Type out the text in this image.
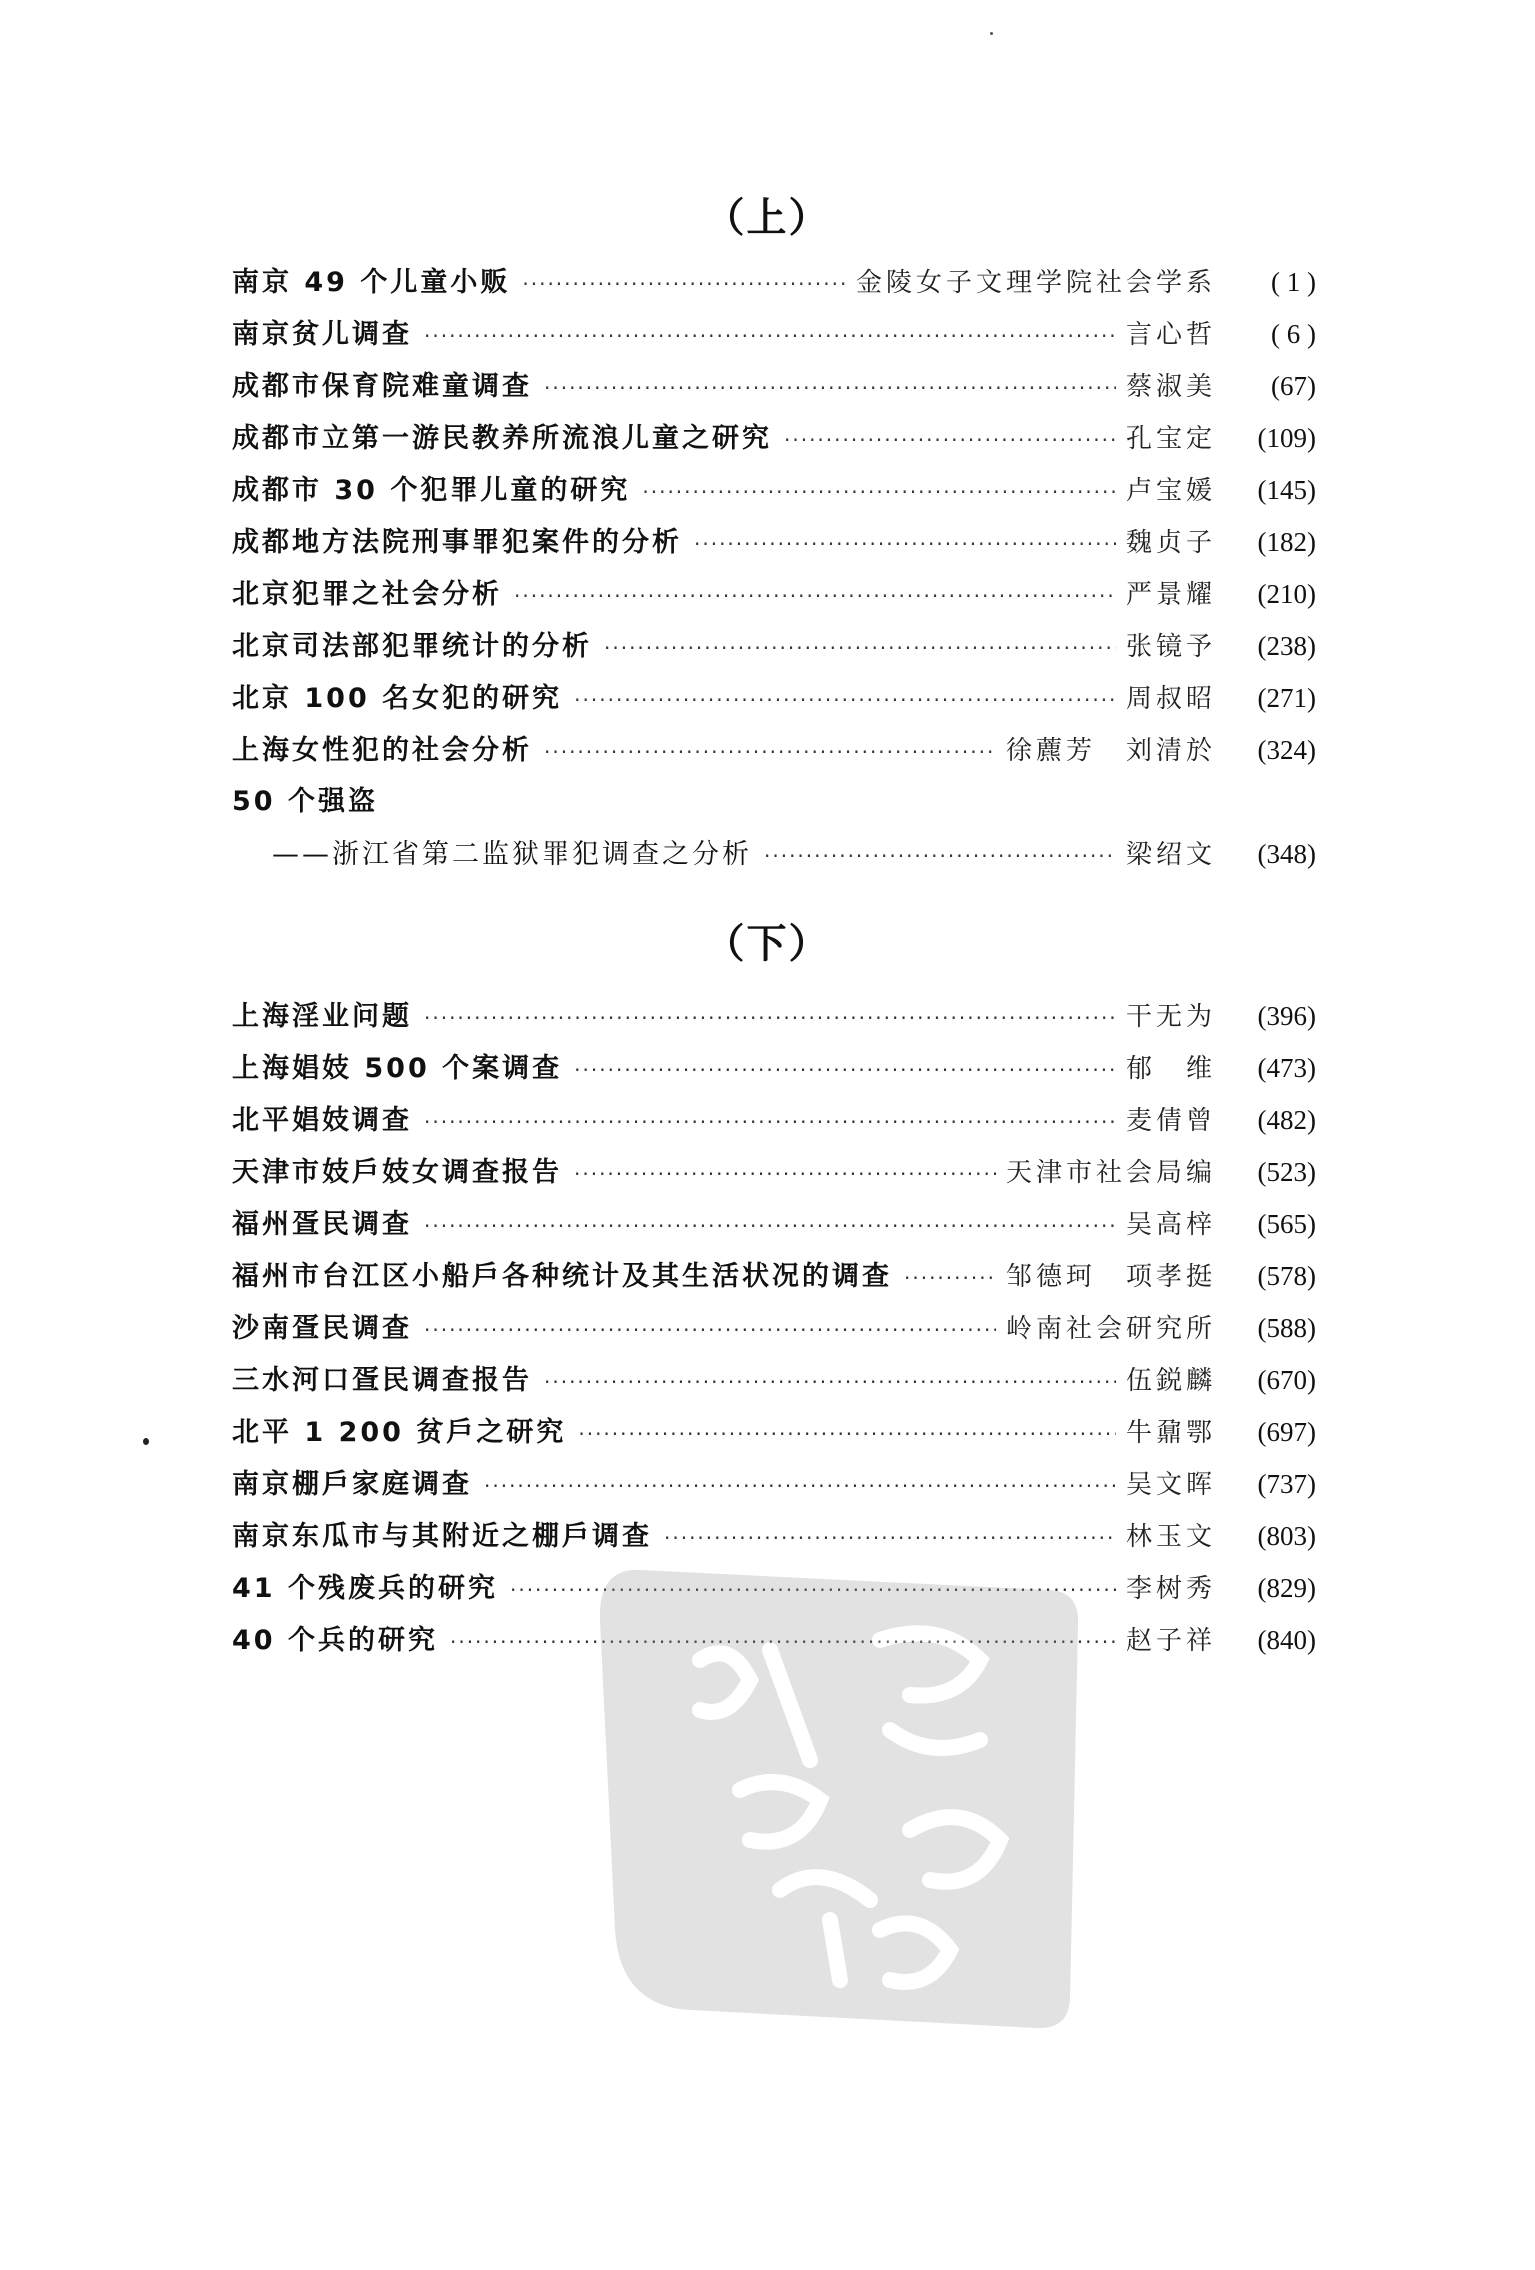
（上）
南京 49 个儿童小贩 ·····	金陵女子文理学院社会学系	( 1 )
南京贫儿调查 ·····	言心哲	( 6 )
成都市保育院难童调查 ·····	蔡淑美	(67)
成都市立第一游民教养所流浪儿童之研究 ·····	孔宝定	(109)
成都市 30 个犯罪儿童的研究 ·····	卢宝媛	(145)
成都地方法院刑事罪犯案件的分析 ·····	魏贞子	(182)
北京犯罪之社会分析 ·····	严景耀	(210)
北京司法部犯罪统计的分析 ·····	张镜予	(238)
北京 100 名女犯的研究 ·····	周叔昭	(271)
上海女性犯的社会分析 ·····	徐藨芳　刘清於	(324)
50 个强盗
——浙江省第二监狱罪犯调查之分析 ·····	梁绍文	(348)
（下）
上海淫业问题 ·····	干无为	(396)
上海娼妓 500 个案调查 ·····	郁　维	(473)
北平娼妓调查 ·····	麦倩曾	(482)
天津市妓戶妓女调查报告 ·····	天津市社会局编	(523)
福州疍民调查 ·····	吴高梓	(565)
福州市台江区小船戶各种统计及其生活状况的调查 ·····	邹德珂　项孝挺	(578)
沙南疍民调查 ·····	岭南社会研究所	(588)
三水河口疍民调查报告 ·····	伍鋭麟	(670)
北平 1 200 贫戶之研究 ·····	牛鼐鄂	(697)
南京棚戶家庭调查 ·····	吴文晖	(737)
南京东瓜市与其附近之棚戶调查 ·····	林玉文	(803)
41 个残废兵的研究 ·····	李树秀	(829)
40 个兵的研究 ·····	赵子祥	(840)
